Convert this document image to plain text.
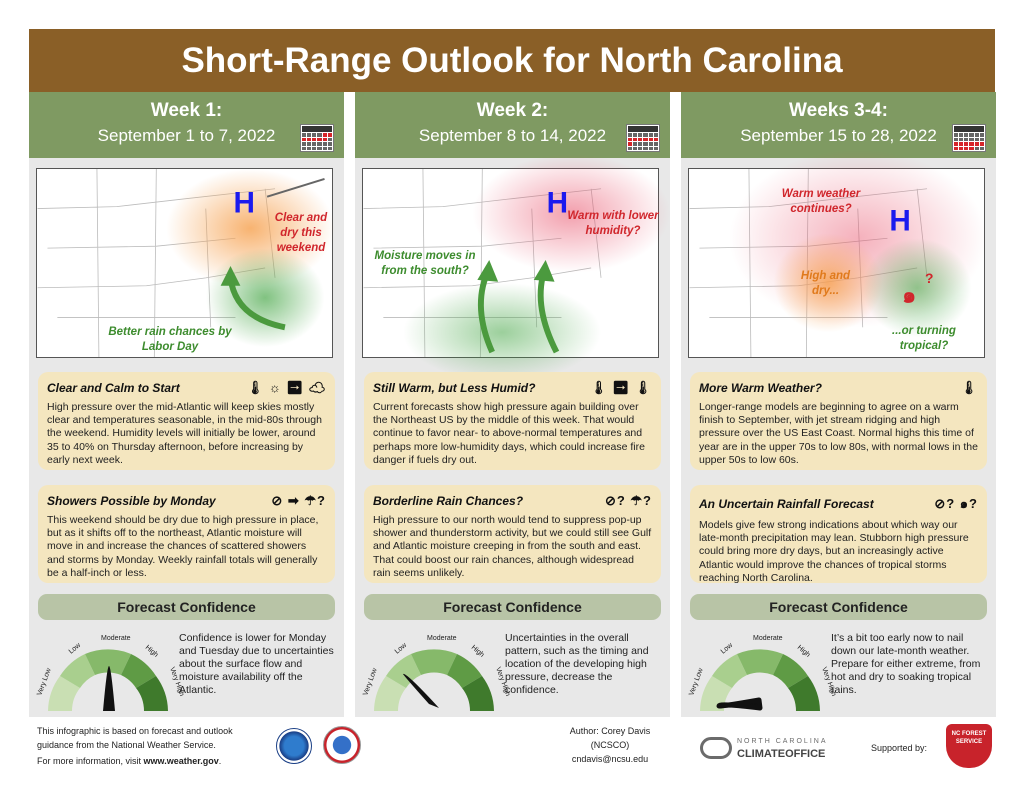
Short-Range Outlook for North Carolina
Week 1:
September 1 to 7, 2022
H	Clear and dry this weekend
Better rain chances by Labor Day
Clear and Calm to Start	🌡 ☼ ➡ ☁

High pressure over the mid-Atlantic will keep skies mostly clear and temperatures seasonable, in the mid-80s through the weekend. Humidity levels will initially be lower, around 35 to 40% on Thursday afternoon, before increasing by early next week.

Showers Possible by Monday	⊘ ➡ ☂?

This weekend should be dry due to high pressure in place, but as it shifts off to the northeast, Atlantic moisture will move in and increase the chances of scattered showers and storms by Monday. Weekly rainfall totals will generally be a half-inch or less.

Forecast Confidence
Moderate
Low
Very Low
High
Very High
Confidence is lower for Monday and Tuesday due to uncertainties about the surface flow and moisture availability off the Atlantic.
Week 2:
September 8 to 14, 2022
H Warm with lower humidity?
Moisture moves in from the south?
Still Warm, but Less Humid?	🌡 ➡ 🌡

Current forecasts show high pressure again building over the Northeast US by the middle of this week. That would continue to favor near- to above-normal temperatures and perhaps more low-humidity days, which could increase fire danger if fuels dry out.

Borderline Rain Chances?	⊘? ☂?

High pressure to our north would tend to suppress pop-up shower and thunderstorm activity, but we could still see Gulf and Atlantic moisture creeping in from the south and east. That could boost our rain chances, although widespread rain seems unlikely.

Forecast Confidence
Moderate
Low
Very Low
High
Very High
Uncertainties in the overall pattern, such as the timing and location of the developing high pressure, decrease the confidence.
Weeks 3-4:
September 15 to 28, 2022
H
๑
?
Warm weather continues?
High and dry...
...or turning tropical?
More Warm Weather?	🌡

Longer-range models are beginning to agree on a warm finish to September, with jet stream ridging and high pressure over the US East Coast. Normal highs this time of year are in the upper 70s to low 80s, with normal lows in the upper 50s to low 60s.

An Uncertain Rainfall Forecast	⊘? ๑?

Models give few strong indications about which way our late-month precipitation may lean. Stubborn high pressure could bring more dry days, but an increasingly active Atlantic would improve the chances of tropical storms reaching North Carolina.

Forecast Confidence
Moderate
Low
Very Low
High
Very High
It’s a bit too early now to nail down our late-month weather. Prepare for either extreme, from hot and dry to soaking tropical rains.
This infographic is based on forecast and outlook
guidance from the National Weather Service.
For more information, visit www.weather.gov.
Author: Corey Davis (NCSCO)
cndavis@ncsu.edu
NORTH CAROLINA
CLIMATEOFFICE	Supported by:
NC FOREST SERVICE
